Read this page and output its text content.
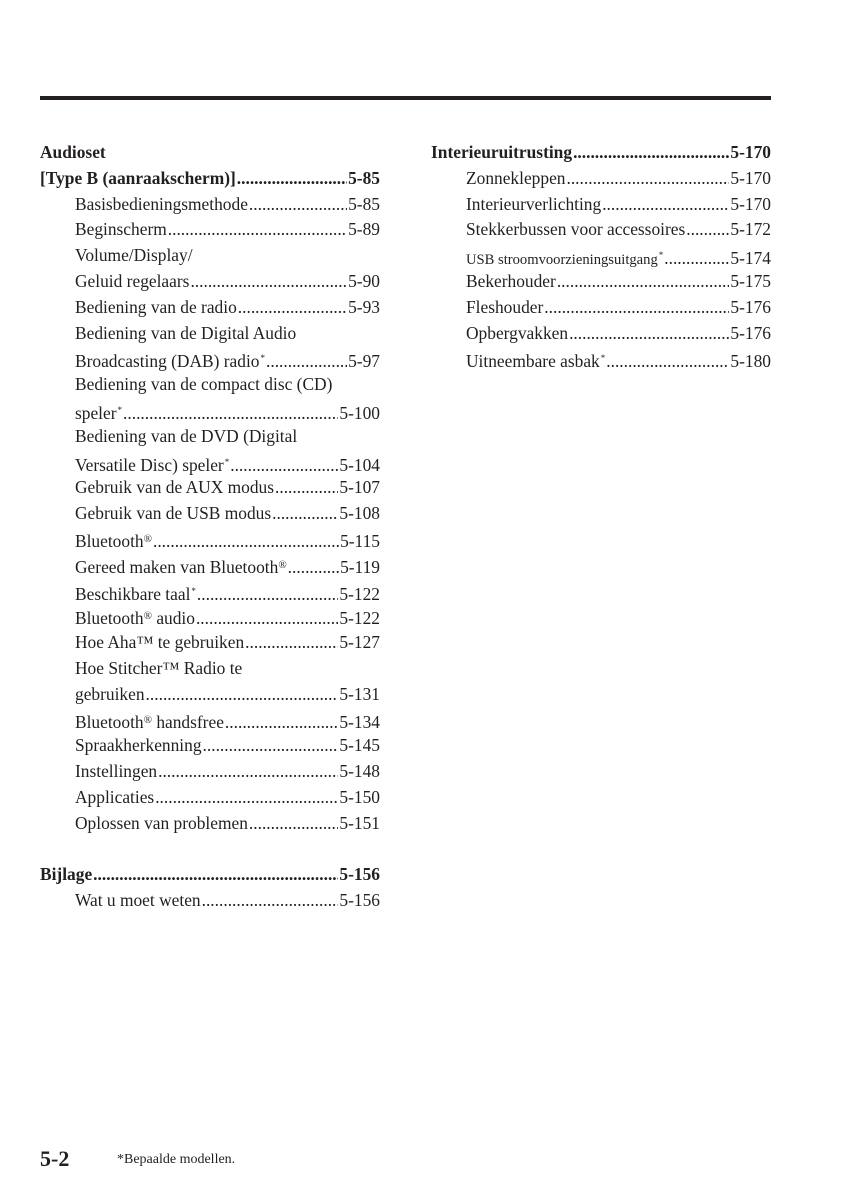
Audioset
[Type B (aanraakscherm)] .....	5-85
Basisbedieningsmethode .....	5-85
Beginscherm .....	5-89
Volume/Display/
Geluid regelaars .....	5-90
Bediening van de radio .....	5-93
Bediening van de Digital Audio
Broadcasting (DAB) radio* .....	5-97
Bediening van de compact disc (CD)
speler* .....	5-100
Bediening van de DVD (Digital
Versatile Disc) speler* .....	5-104
Gebruik van de AUX modus .....	5-107
Gebruik van de USB modus .....	5-108
Bluetooth® .....	5-115
Gereed maken van Bluetooth® .....	5-119
Beschikbare taal* .....	5-122
Bluetooth® audio .....	5-122
Hoe Aha™ te gebruiken .....	5-127
Hoe Stitcher™ Radio te
gebruiken .....	5-131
Bluetooth® handsfree .....	5-134
Spraakherkenning .....	5-145
Instellingen .....	5-148
Applicaties .....	5-150
Oplossen van problemen .....	5-151
Bijlage .....	5-156
Wat u moet weten .....	5-156
Interieuruitrusting .....	5-170
Zonnekleppen .....	5-170
Interieurverlichting .....	5-170
Stekkerbussen voor accessoires .....	5-172
USB stroomvoorzieningsuitgang* .....	5-174
Bekerhouder .....	5-175
Fleshouder .....	5-176
Opbergvakken .....	5-176
Uitneembare asbak* .....	5-180
5-2	*Bepaalde modellen.
